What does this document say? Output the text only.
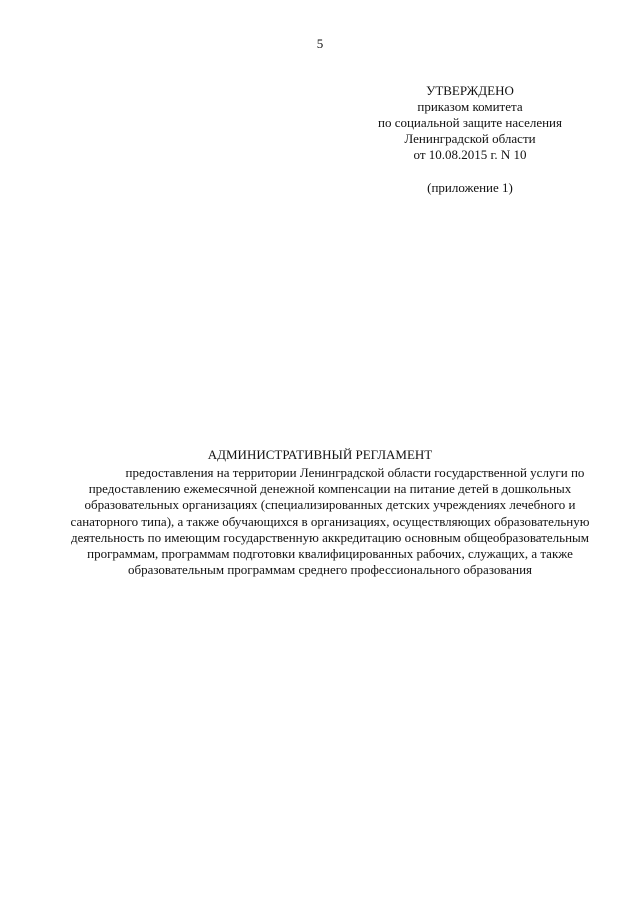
5
УТВЕРЖДЕНО
приказом комитета
по социальной защите населения
Ленинградской области
от 10.08.2015 г. N 10
(приложение 1)
АДМИНИСТРАТИВНЫЙ РЕГЛАМЕНТ
предоставления на территории Ленинградской области государственной услуги по
предоставлению ежемесячной денежной компенсации на питание детей в дошкольных
образовательных организациях (специализированных детских учреждениях лечебного и
санаторного типа), а также обучающихся в организациях, осуществляющих образовательную
деятельность по имеющим государственную аккредитацию основным общеобразовательным
программам, программам подготовки квалифицированных рабочих, служащих, а также
образовательным программам среднего профессионального образования
